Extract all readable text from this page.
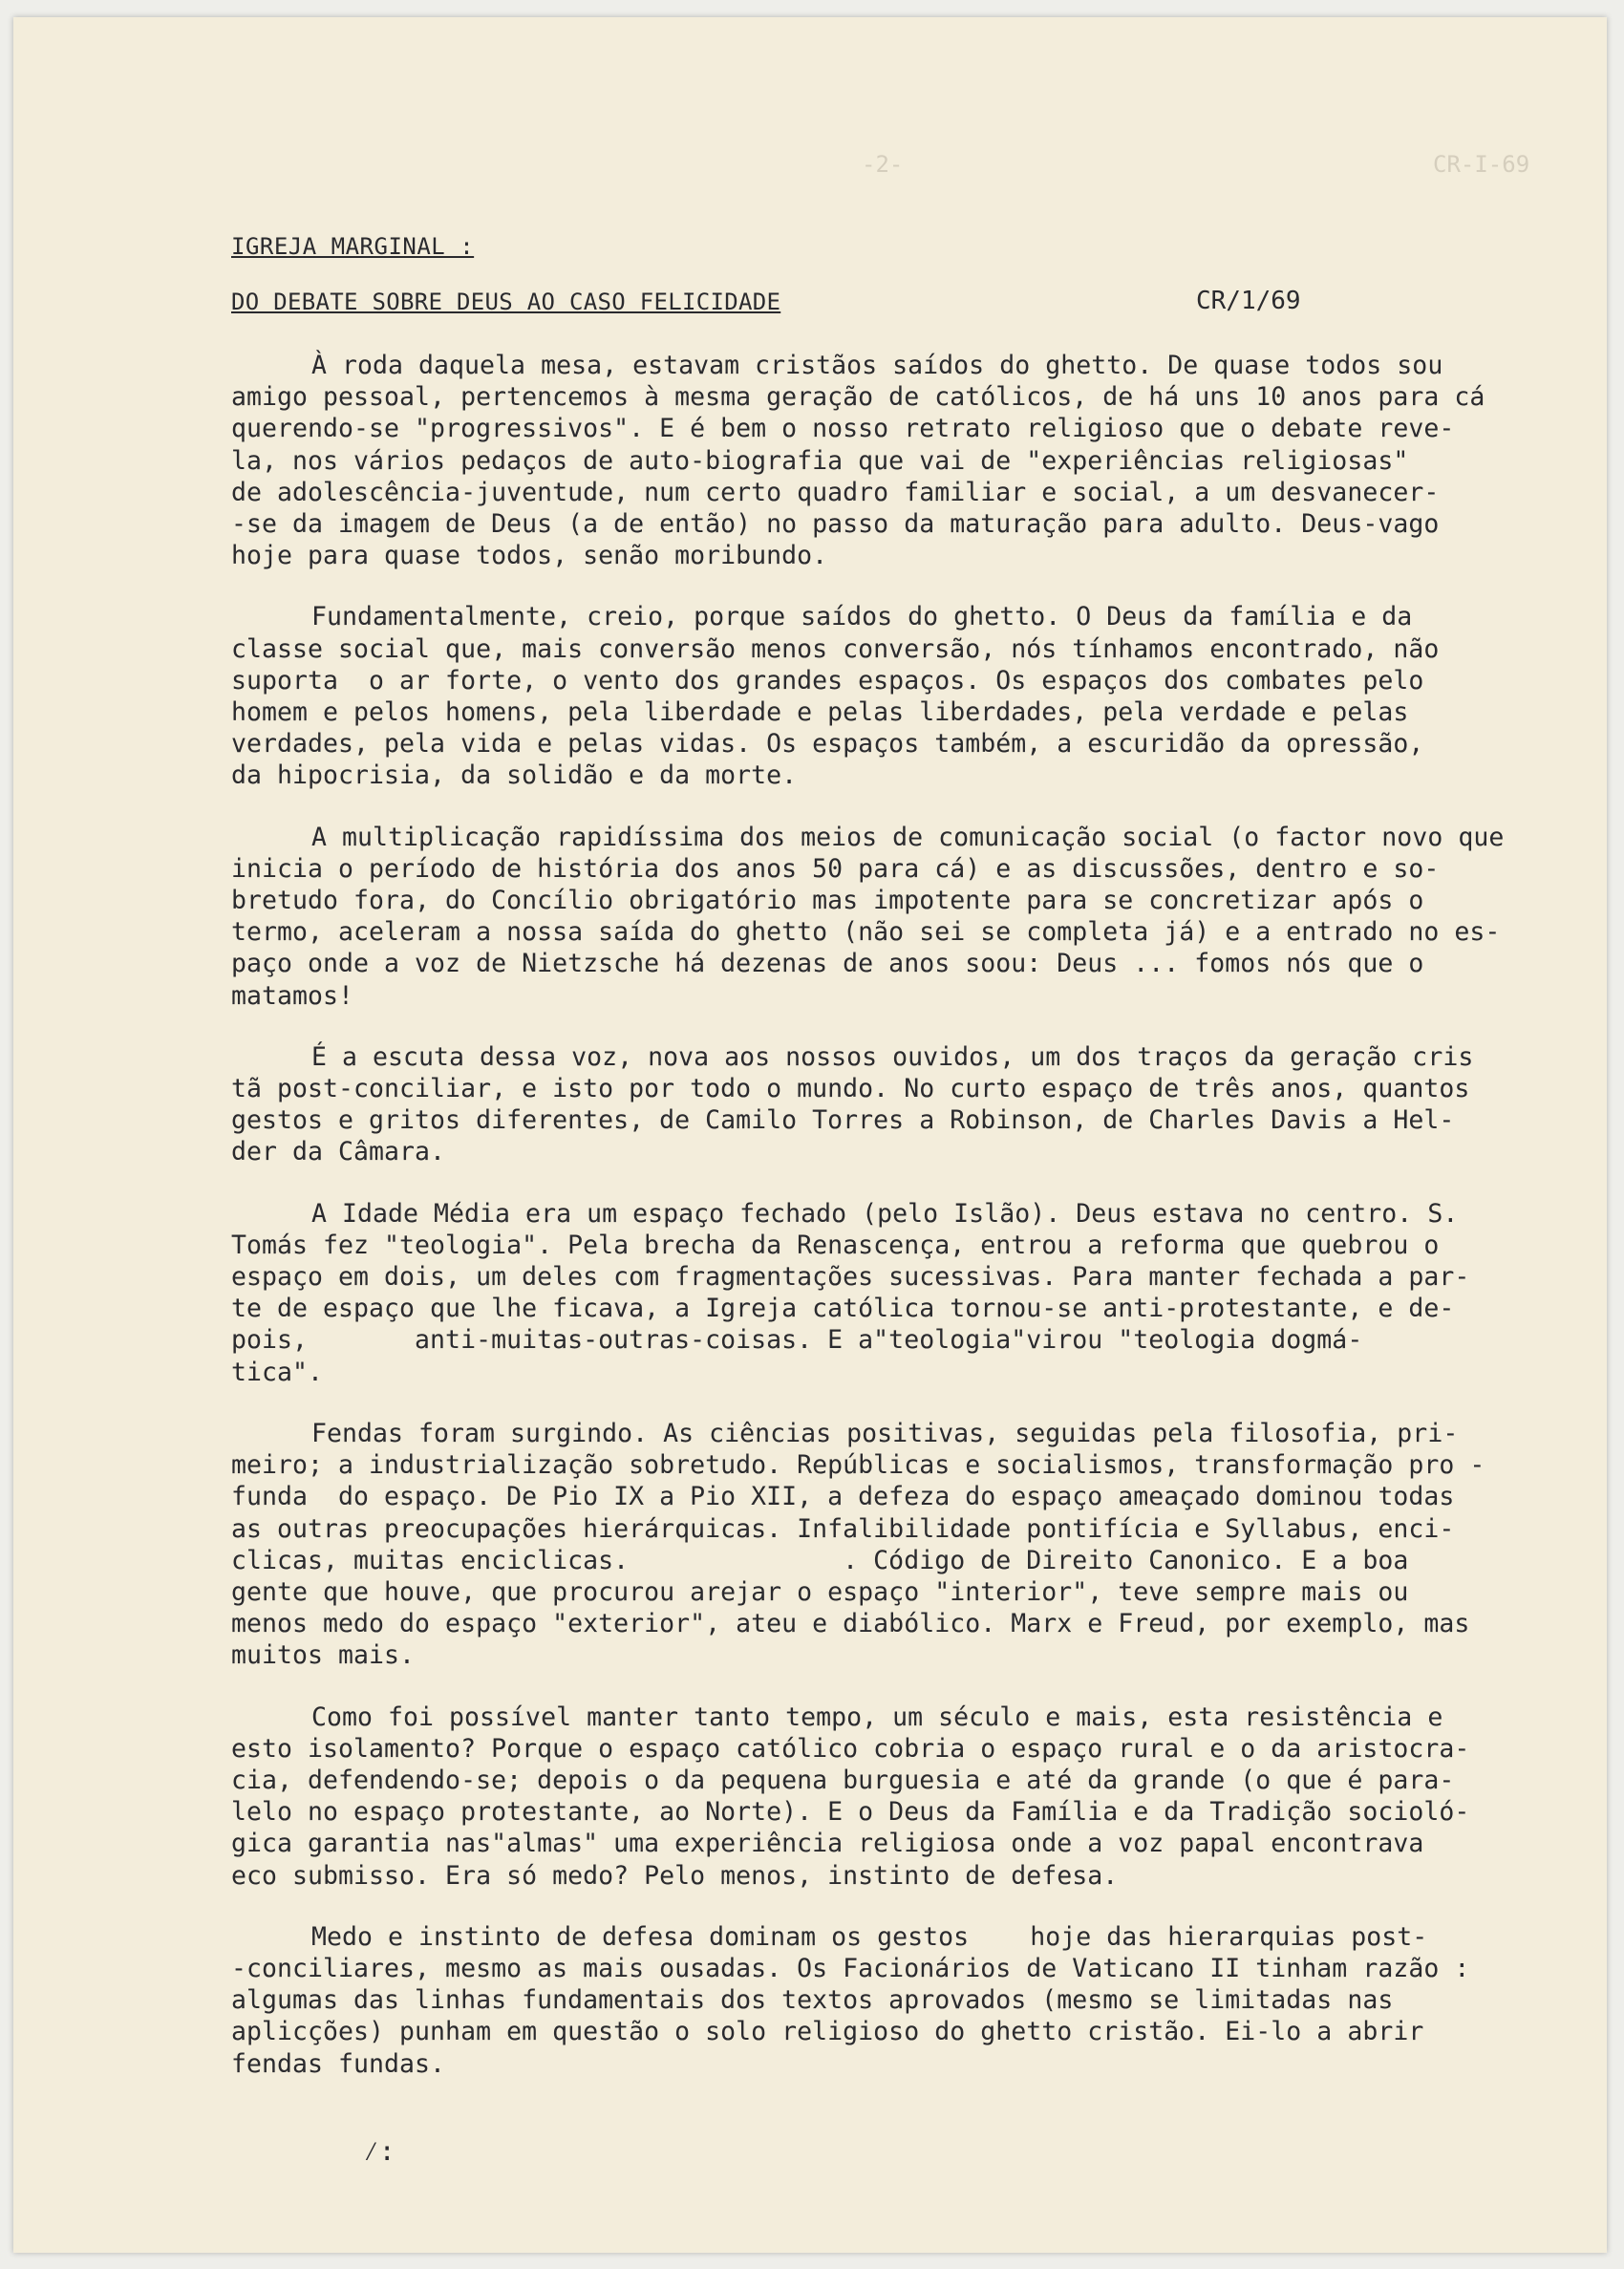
-2-	CR-I-69
IGREJA MARGINAL :
DO DEBATE SOBRE DEUS AO CASO FELICIDADE	CR/1/69
À roda daquela mesa, estavam cristãos saídos do ghetto. De quase todos sou
amigo pessoal, pertencemos à mesma geração de católicos, de há uns 10 anos para cá
querendo-se "progressivos". E é bem o nosso retrato religioso que o debate reve-
la, nos vários pedaços de auto-biografia que vai de "experiências religiosas"
de adolescência-juventude, num certo quadro familiar e social, a um desvanecer-
-se da imagem de Deus (a de então) no passo da maturação para adulto. Deus-vago
hoje para quase todos, senão moribundo.
Fundamentalmente, creio, porque saídos do ghetto. O Deus da família e da
classe social que, mais conversão menos conversão, nós tínhamos encontrado, não
suporta  o ar forte, o vento dos grandes espaços. Os espaços dos combates pelo
homem e pelos homens, pela liberdade e pelas liberdades, pela verdade e pelas
verdades, pela vida e pelas vidas. Os espaços também, a escuridão da opressão,
da hipocrisia, da solidão e da morte.
A multiplicação rapidíssima dos meios de comunicação social (o factor novo que
inicia o período de história dos anos 50 para cá) e as discussões, dentro e so-
bretudo fora, do Concílio obrigatório mas impotente para se concretizar após o
termo, aceleram a nossa saída do ghetto (não sei se completa já) e a entrado no es-
paço onde a voz de Nietzsche há dezenas de anos soou: Deus ... fomos nós que o
matamos!
É a escuta dessa voz, nova aos nossos ouvidos, um dos traços da geração cris
tã post-conciliar, e isto por todo o mundo. No curto espaço de três anos, quantos
gestos e gritos diferentes, de Camilo Torres a Robinson, de Charles Davis a Hel-
der da Câmara.
A Idade Média era um espaço fechado (pelo Islão). Deus estava no centro. S.
Tomás fez "teologia". Pela brecha da Renascença, entrou a reforma que quebrou o
espaço em dois, um deles com fragmentações sucessivas. Para manter fechada a par-
te de espaço que lhe ficava, a Igreja católica tornou-se anti-protestante, e de-
pois,       anti-muitas-outras-coisas. E a"teologia"virou "teologia dogmá-
tica".
Fendas foram surgindo. As ciências positivas, seguidas pela filosofia, pri-
meiro; a industrialização sobretudo. Repúblicas e socialismos, transformação pro -
funda  do espaço. De Pio IX a Pio XII, a defeza do espaço ameaçado dominou todas
as outras preocupações hierárquicas. Infalibilidade pontifícia e Syllabus, enci-
clicas, muitas enciclicas.              . Código de Direito Canonico. E a boa
gente que houve, que procurou arejar o espaço "interior", teve sempre mais ou
menos medo do espaço "exterior", ateu e diabólico. Marx e Freud, por exemplo, mas
muitos mais.
Como foi possível manter tanto tempo, um século e mais, esta resistência e
esto isolamento? Porque o espaço católico cobria o espaço rural e o da aristocra-
cia, defendendo-se; depois o da pequena burguesia e até da grande (o que é para-
lelo no espaço protestante, ao Norte). E o Deus da Família e da Tradição socioló-
gica garantia nas"almas" uma experiência religiosa onde a voz papal encontrava
eco submisso. Era só medo? Pelo menos, instinto de defesa.
Medo e instinto de defesa dominam os gestos    hoje das hierarquias post-
-conciliares, mesmo as mais ousadas. Os Facionários de Vaticano II tinham razão :
algumas das linhas fundamentais dos textos aprovados (mesmo se limitadas nas
aplicções) punham em questão o solo religioso do ghetto cristão. Ei-lo a abrir
fendas fundas.
⁄:
